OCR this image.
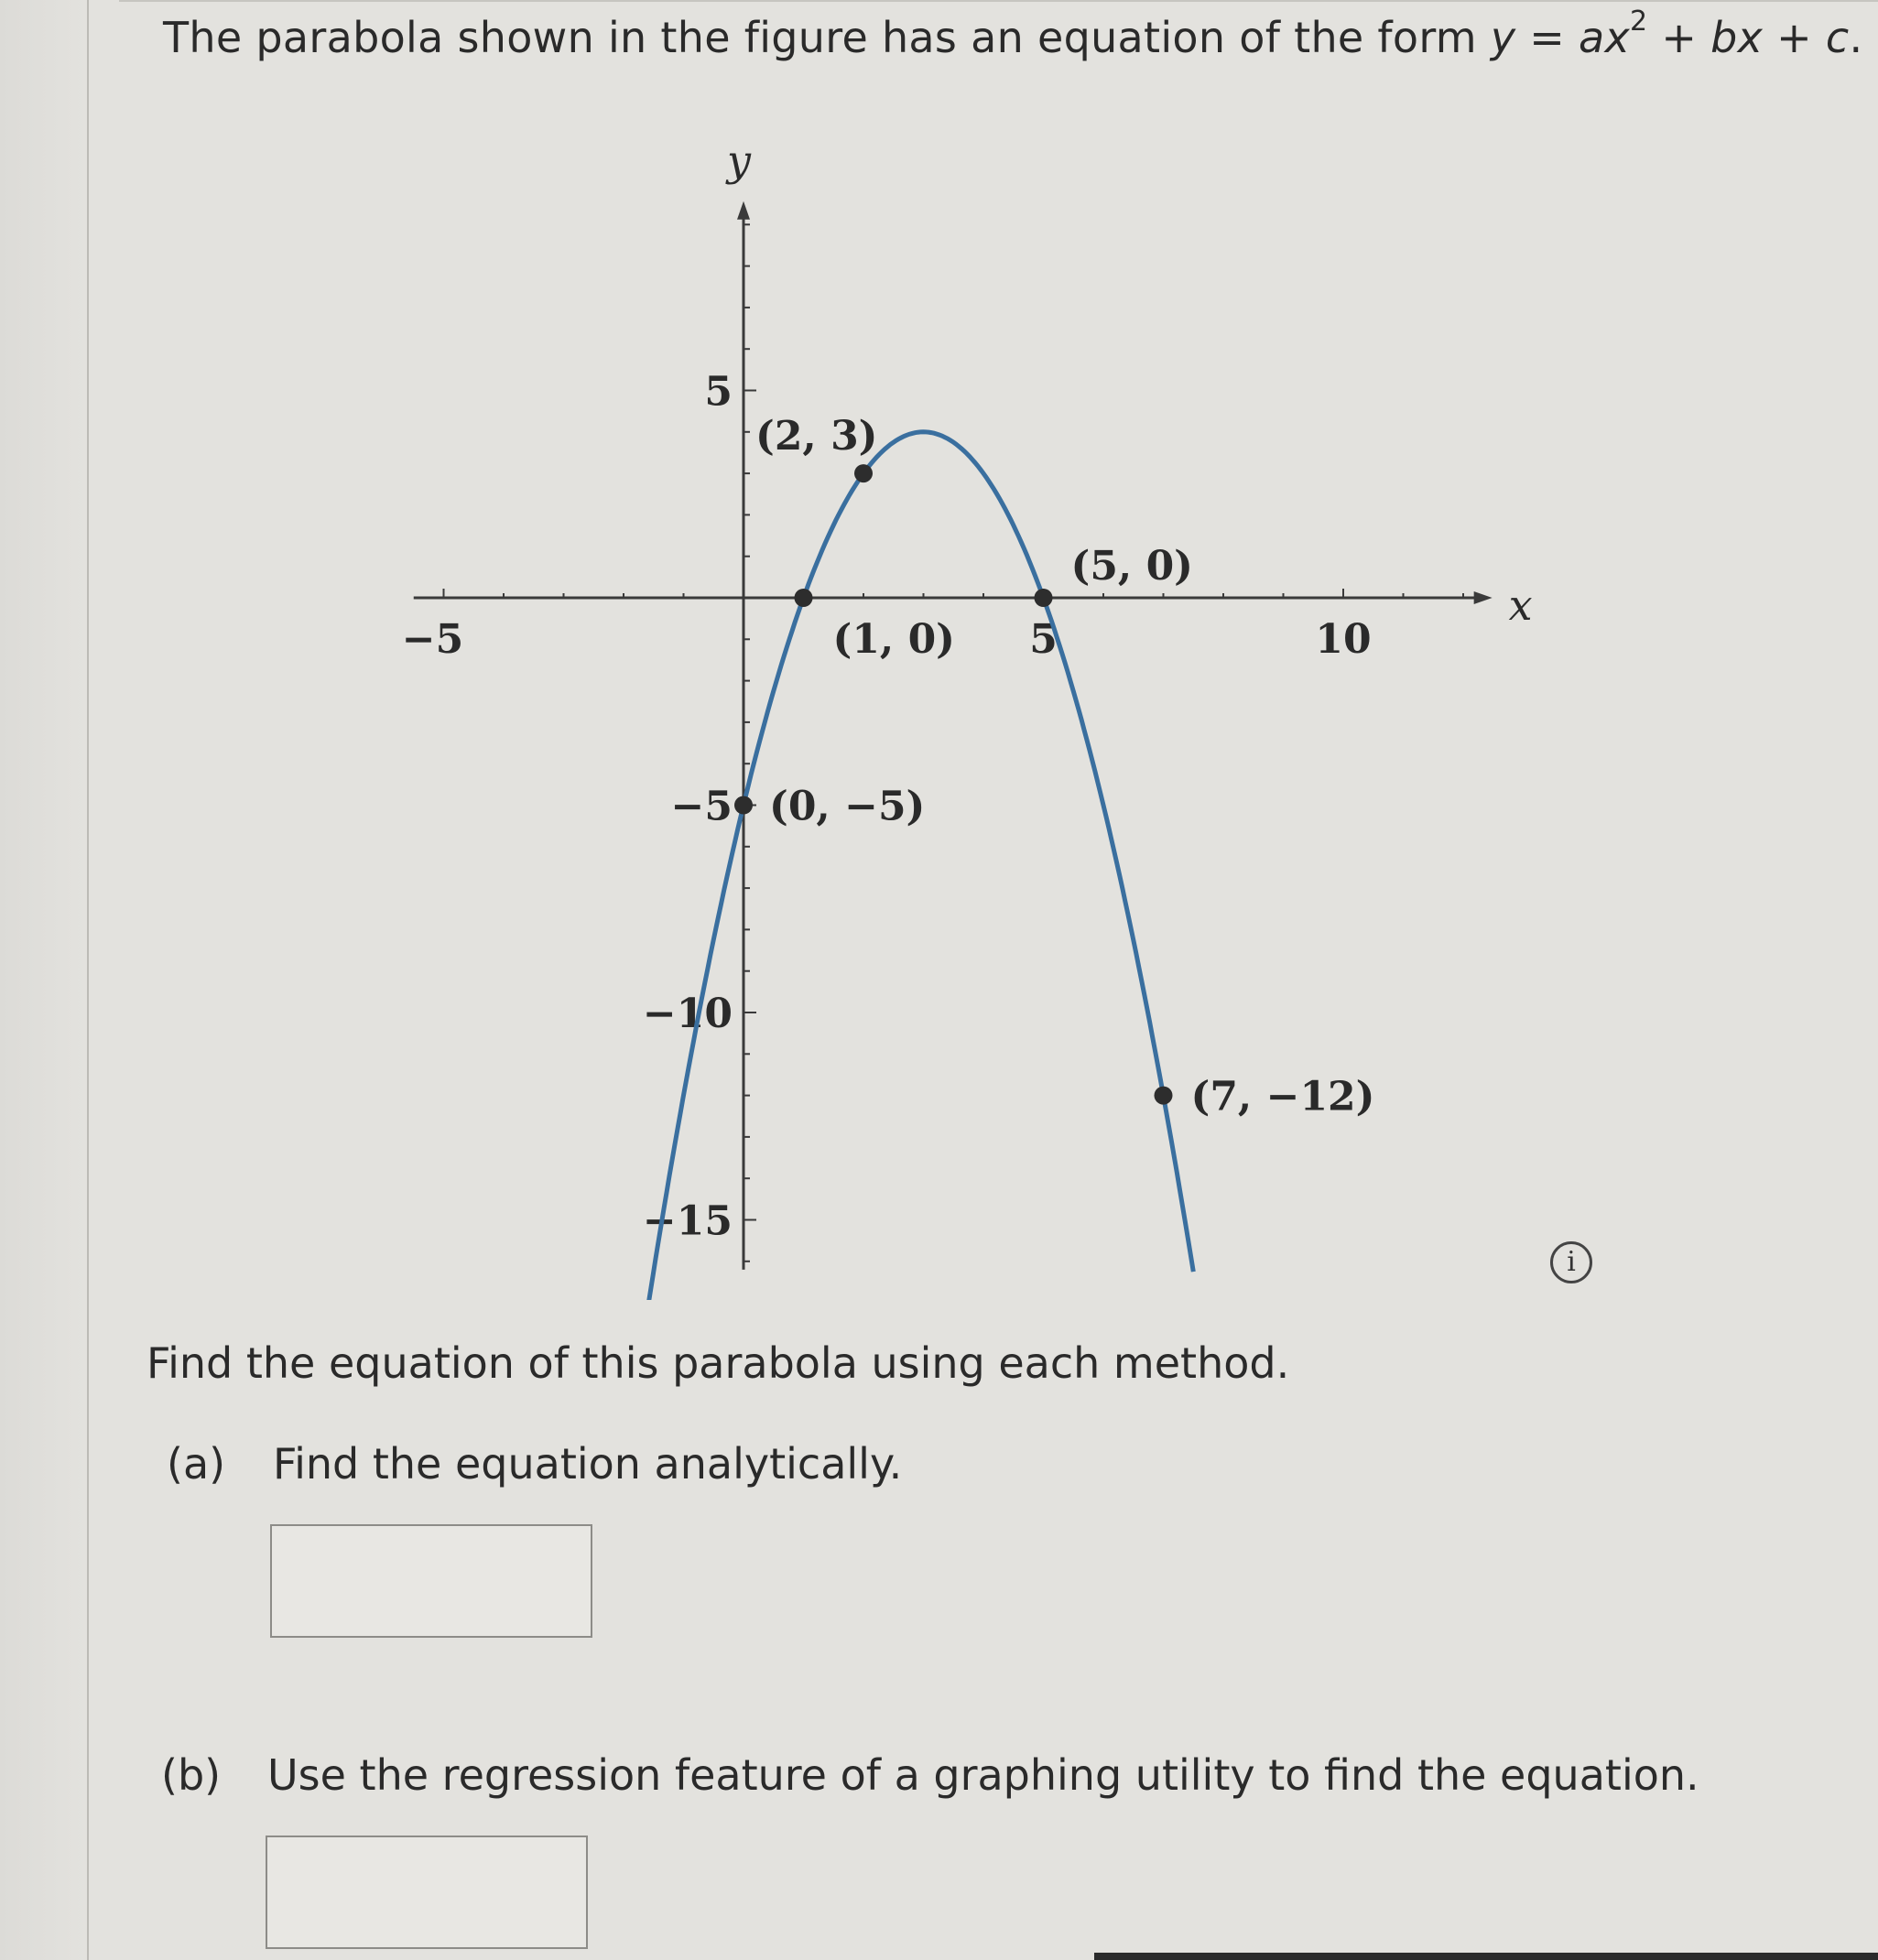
The parabola shown in the figure has an equation of the form $y = ax^2$ + bx + c.
x
y
−5	5	10
5
−5
−10
−15
(2, 3)
(1, 0)
(5, 0)
(0, −5)
(7, −12)
i
Find the equation of this parabola using each method.
(a) Find the equation analytically.
(b) Use the regression feature of a graphing utility to find the equation.
